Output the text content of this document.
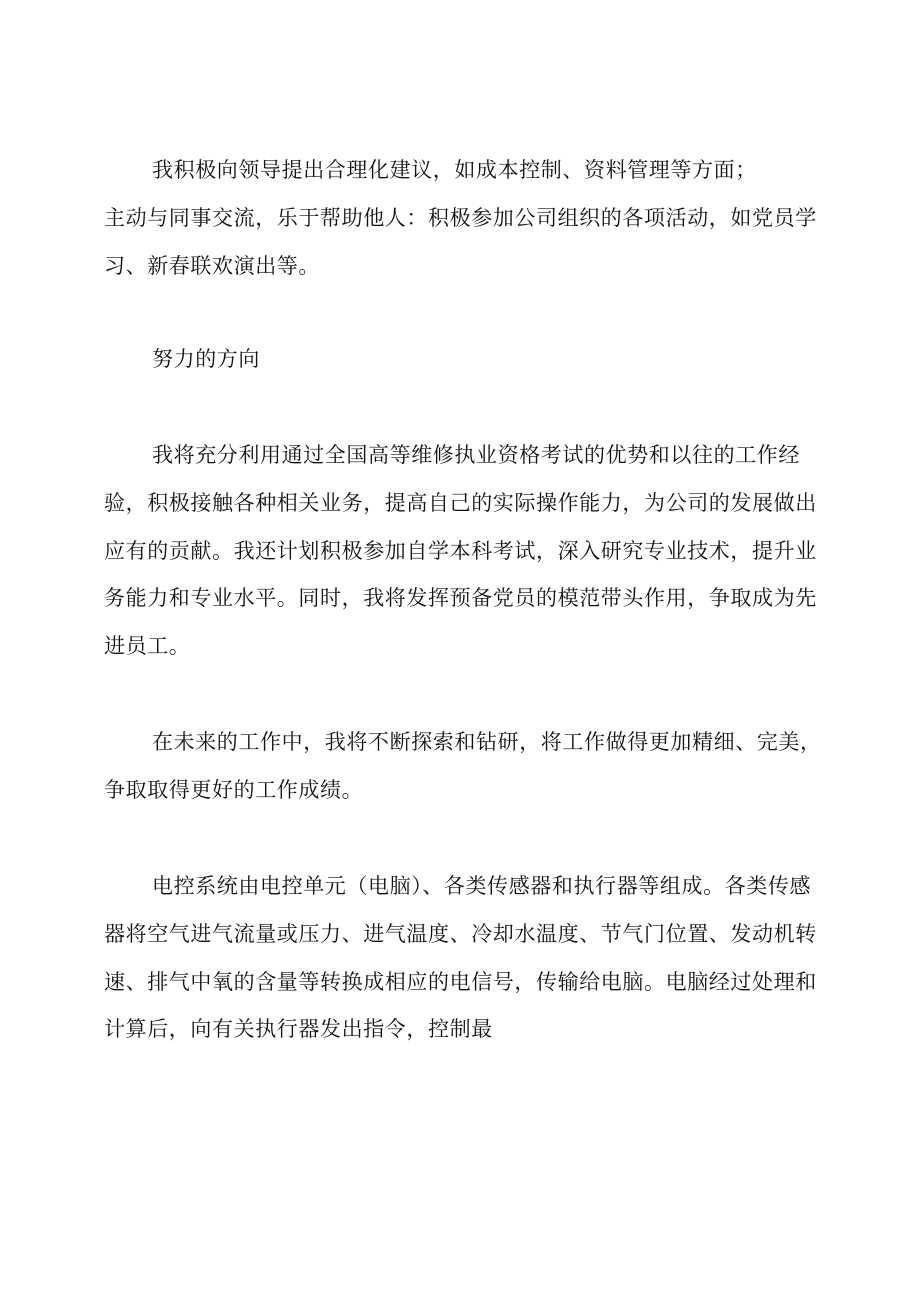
我积极向领导提出合理化建议，如成本控制、资料管理等方面；
主动与同事交流，乐于帮助他人：积极参加公司组织的各项活动，如党员学
习、新春联欢演出等。
努力的方向
我将充分利用通过全国高等维修执业资格考试的优势和以往的工作经
验，积极接触各种相关业务，提高自己的实际操作能力，为公司的发展做出
应有的贡献。我还计划积极参加自学本科考试，深入研究专业技术，提升业
务能力和专业水平。同时，我将发挥预备党员的模范带头作用，争取成为先
进员工。
在未来的工作中，我将不断探索和钻研，将工作做得更加精细、完美，
争取取得更好的工作成绩。
电控系统由电控单元（电脑）、各类传感器和执行器等组成。各类传感
器将空气进气流量或压力、进气温度、冷却水温度、节气门位置、发动机转
速、排气中氧的含量等转换成相应的电信号，传输给电脑。电脑经过处理和
计算后，向有关执行器发出指令，控制最
